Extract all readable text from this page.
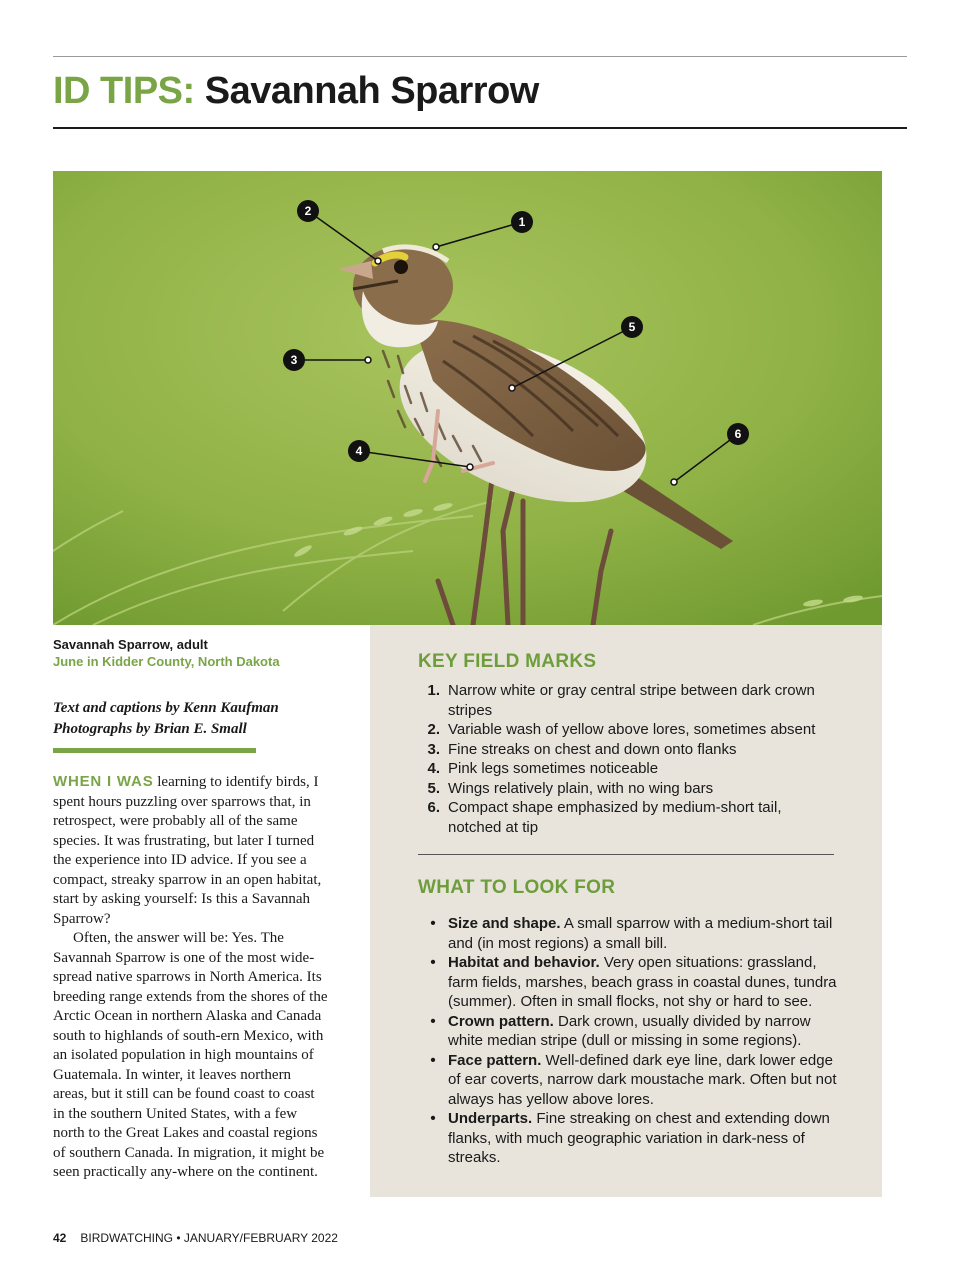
ID TIPS: Savannah Sparrow
1
2
3
4
5
6
Savannah Sparrow, adult
June in Kidder County, North Dakota
Text and captions by Kenn Kaufman
Photographs by Brian E. Small

WHEN I WAS learning to identify birds, I spent hours puzzling over sparrows that, in retrospect, were probably all of the same species. It was frustrating, but later I turned the experience into ID advice. If you see a compact, streaky sparrow in an open habitat, start by asking yourself: Is this a Savannah Sparrow?

Often, the answer will be: Yes. The Savannah Sparrow is one of the most wide-spread native sparrows in North America. Its breeding range extends from the shores of the Arctic Ocean in northern Alaska and Canada south to highlands of south-ern Mexico, with an isolated population in high mountains of Guatemala. In winter, it leaves northern areas, but it still can be found coast to coast in the southern United States, with a few north to the Great Lakes and coastal regions of southern Canada. In migration, it might be seen practically any-where on the continent.

KEY FIELD MARKS
1. Narrow white or gray central stripe between dark crown stripes
2. Variable wash of yellow above lores, sometimes absent
3. Fine streaks on chest and down onto flanks
4. Pink legs sometimes noticeable
5. Wings relatively plain, with no wing bars
6. Compact shape emphasized by medium-short tail, notched at tip
WHAT TO LOOK FOR
• Size and shape. A small sparrow with a medium-short tail and (in most regions) a small bill.
• Habitat and behavior. Very open situations: grassland, farm fields, marshes, beach grass in coastal dunes, tundra (summer). Often in small flocks, not shy or hard to see.
• Crown pattern. Dark crown, usually divided by narrow white median stripe (dull or missing in some regions).
• Face pattern. Well-defined dark eye line, dark lower edge of ear coverts, narrow dark moustache mark. Often but not always has yellow above lores.
• Underparts. Fine streaking on chest and extending down flanks, with much geographic variation in dark-ness of streaks.
42 BIRDWATCHING • JANUARY/FEBRUARY 2022
